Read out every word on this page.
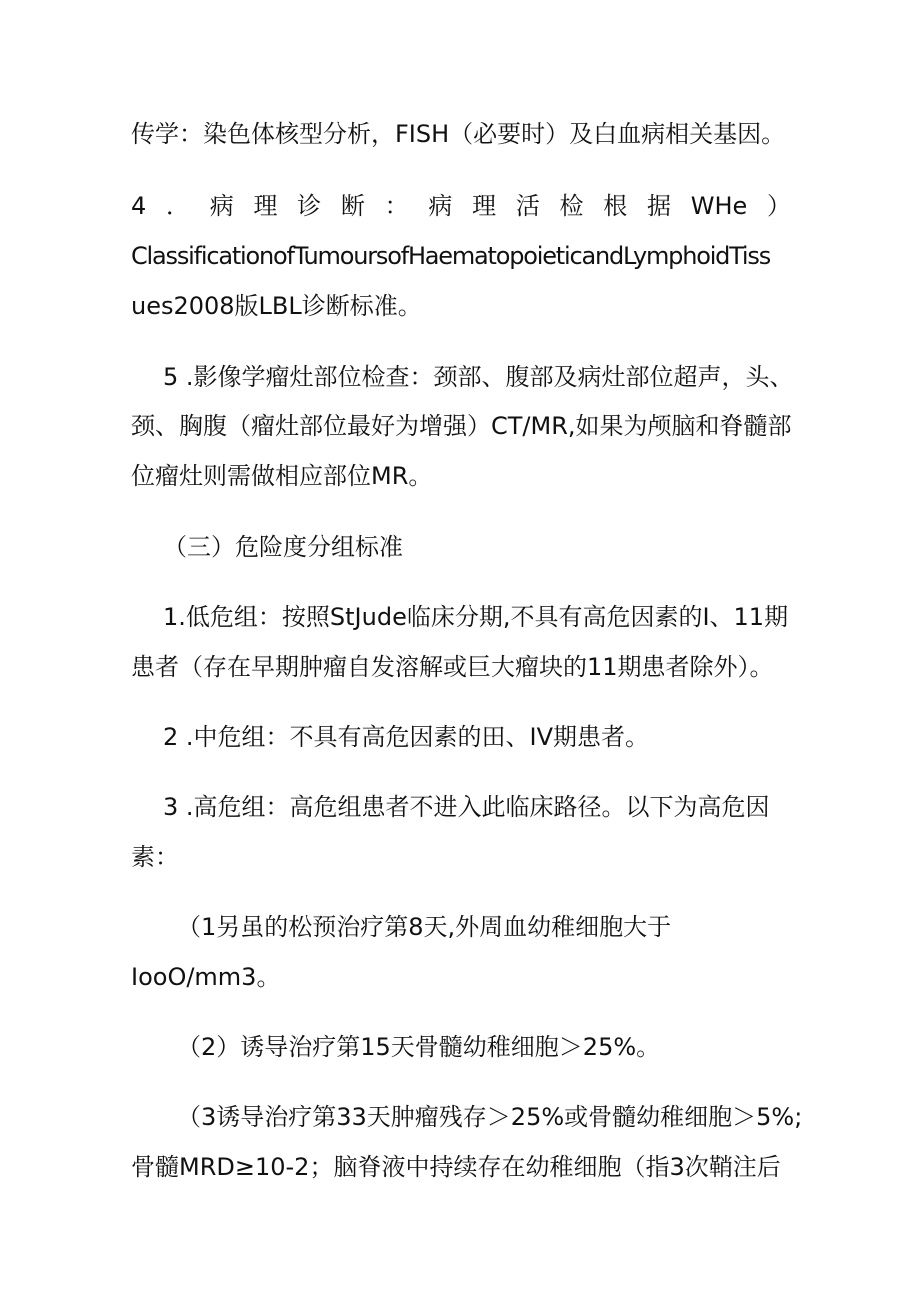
传学：染色体核型分析，FISH（必要时）及白血病相关基因。

4．病理诊断：病理活检根据WHe）

ClassificationofTumoursofHaematopoieticandLymphoidTiss

ues2008版LBL诊断标准。

5 .影像学瘤灶部位检查：颈部、腹部及病灶部位超声，头、

颈、胸腹（瘤灶部位最好为增强）CT/MR,如果为颅脑和脊髓部

位瘤灶则需做相应部位MR。

（三）危险度分组标准

1.低危组：按照StJude临床分期,不具有高危因素的I、11期

患者（存在早期肿瘤自发溶解或巨大瘤块的11期患者除外）。

2 .中危组：不具有高危因素的田、IV期患者。

3 .高危组：高危组患者不进入此临床路径。以下为高危因

素：

（1另虽的松预治疗第8天,外周血幼稚细胞大于

IooO/mm3。

（2）诱导治疗第15天骨髓幼稚细胞＞25%。

（3诱导治疗第33天肿瘤残存＞25%或骨髓幼稚细胞＞5%;

骨髓MRD≥10-2；脑脊液中持续存在幼稚细胞（指3次鞘注后
